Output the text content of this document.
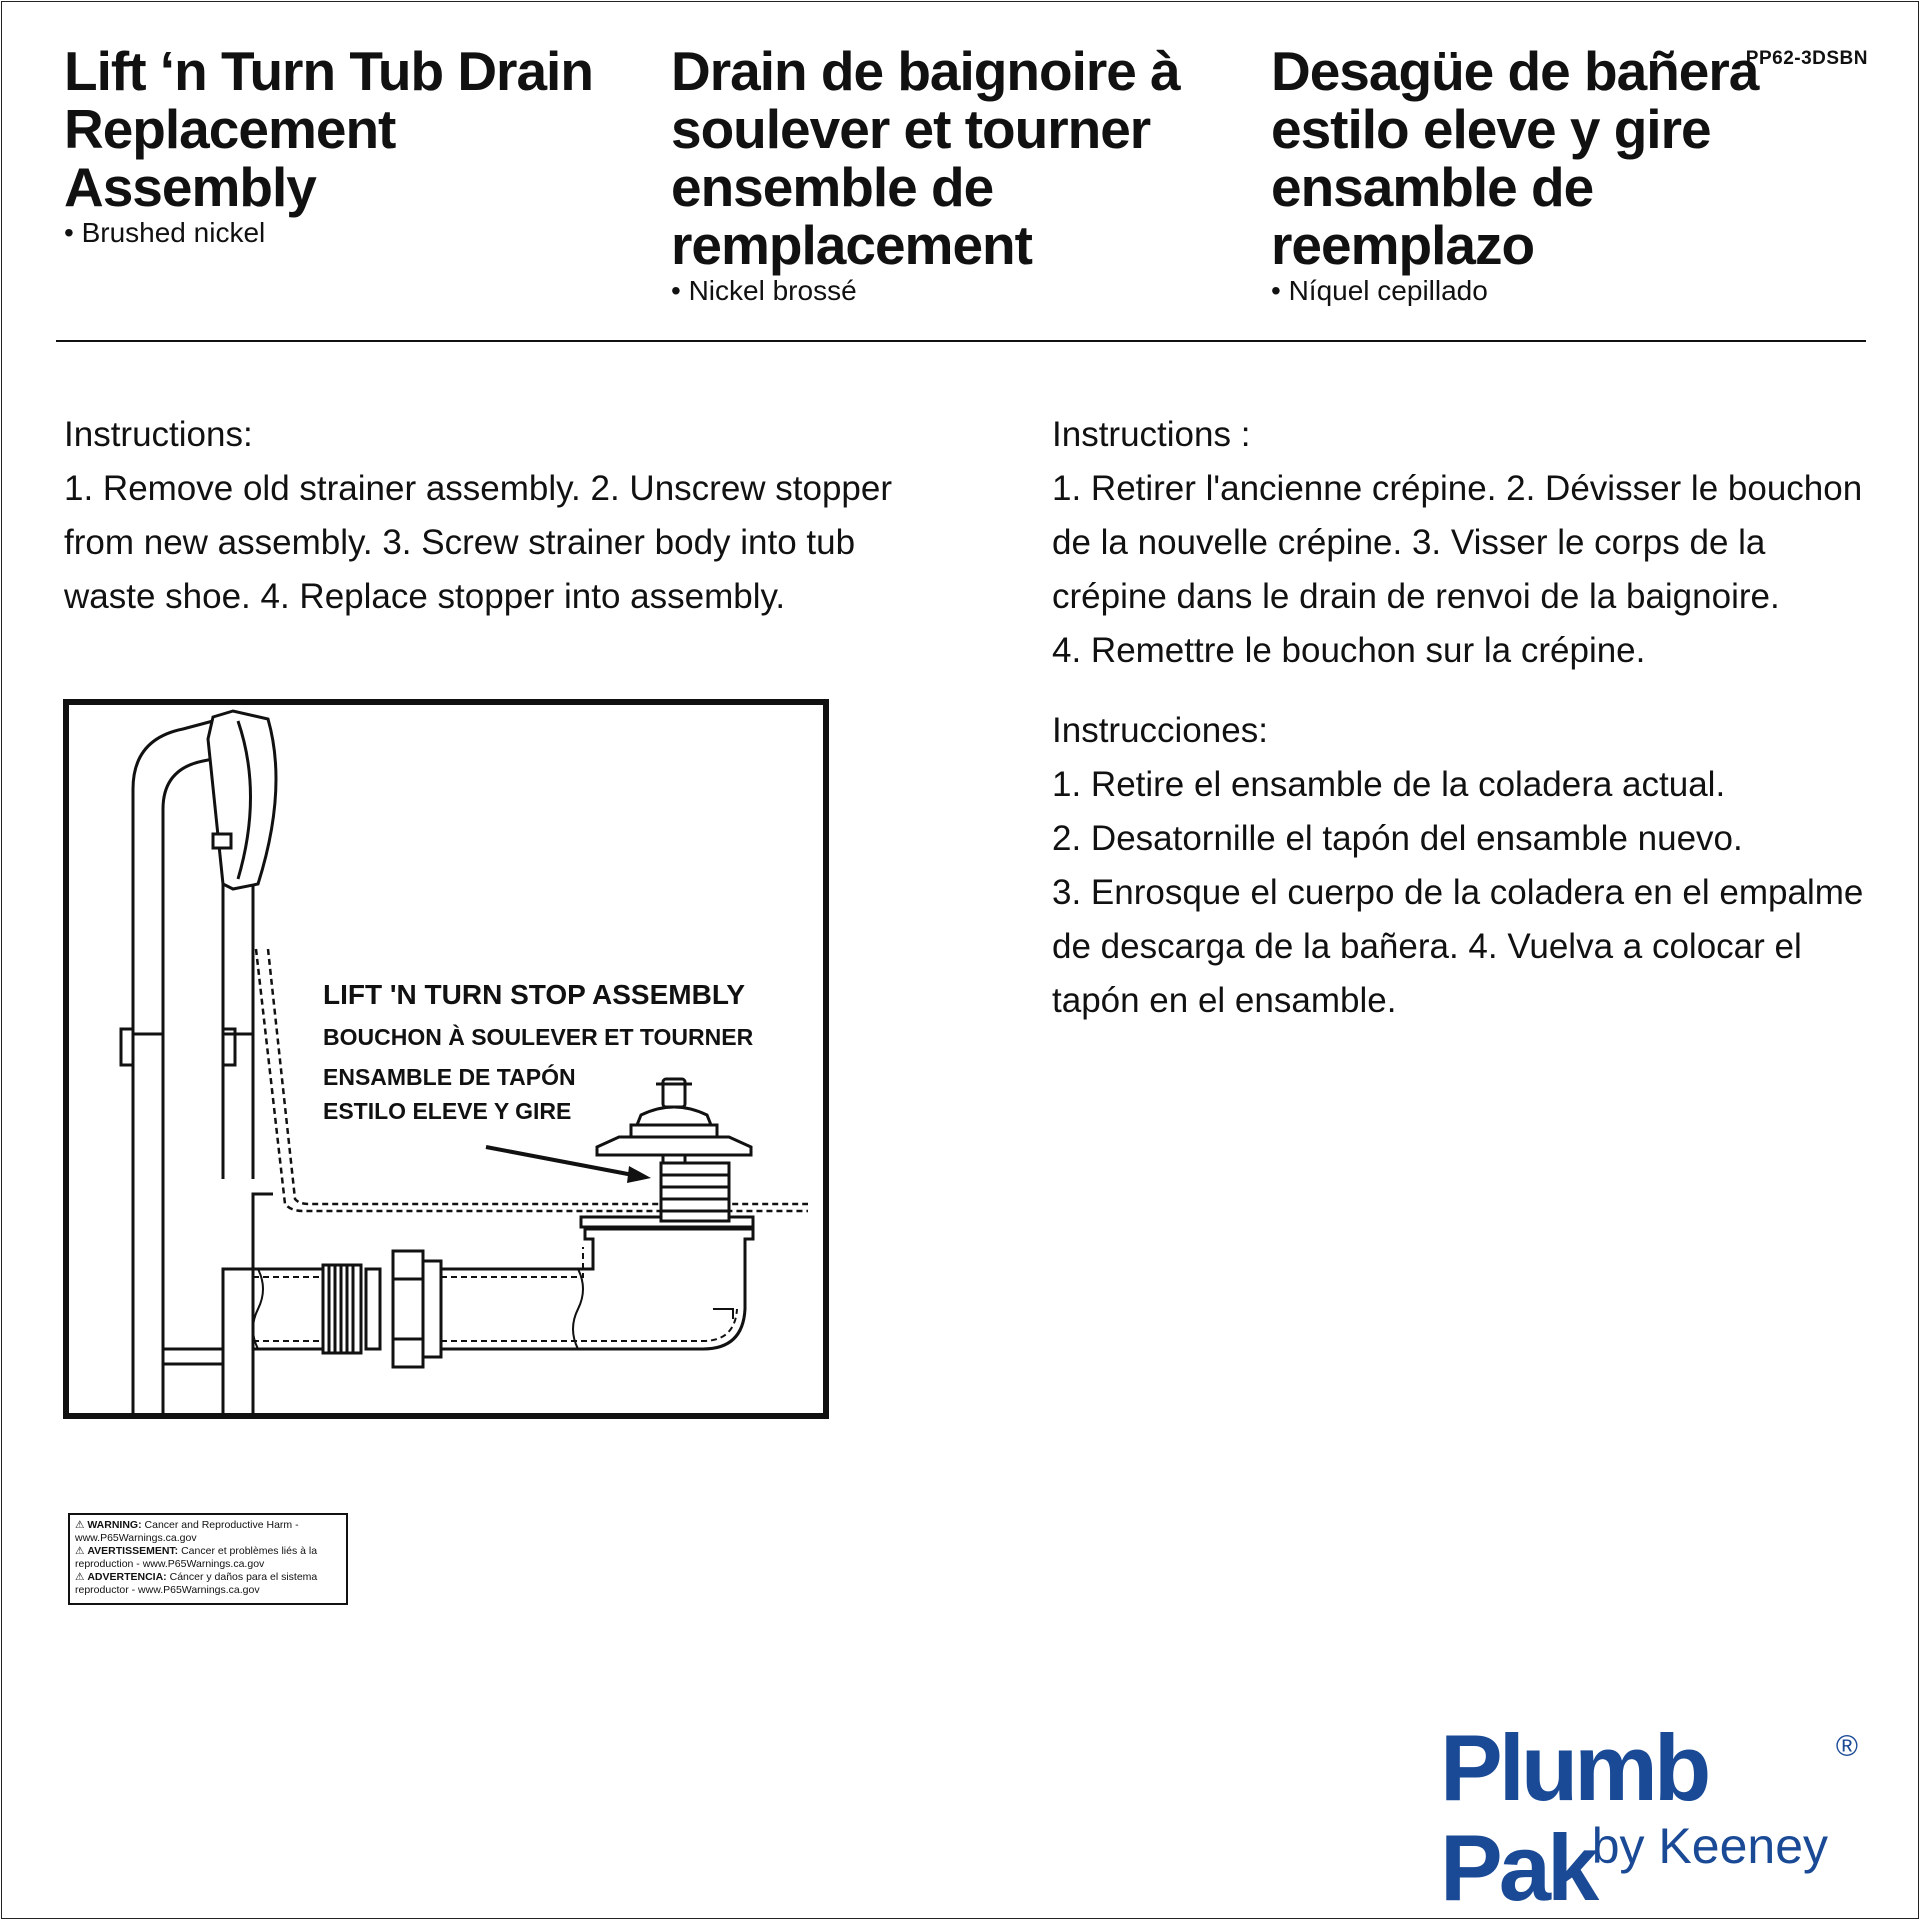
PP62-3DSBN
Lift ‘n Turn Tub Drain Replacement Assembly
• Brushed nickel
Drain de baignoire à soulever et tourner ensemble de remplacement
• Nickel brossé
Desagüe de bañera estilo eleve y gire ensamble de reemplazo
• Níquel cepillado

Instructions:

1. Remove old strainer assembly. 2. Unscrew stopper from new assembly. 3. Screw strainer body into tub waste shoe. 4. Replace stopper into assembly.

Instructions :

1. Retirer l'ancienne crépine. 2. Dévisser le bouchon de la nouvelle crépine. 3. Visser le corps de la crépine dans le drain de renvoi de la baignoire.

4. Remettre le bouchon sur la crépine.

Instrucciones:

1. Retire el ensamble de la coladera actual.

2. Desatornille el tapón del ensamble nuevo.

3. Enrosque el cuerpo de la coladera en el empalme de descarga de la bañera. 4. Vuelva a colocar el tapón en el ensamble.

LIFT 'N TURN STOP ASSEMBLY
BOUCHON À SOULEVER ET TOURNER
ENSAMBLE DE TAPÓN
ESTILO ELEVE Y GIRE
⚠ WARNING: Cancer and Reproductive Harm - www.P65Warnings.ca.gov
⚠ AVERTISSEMENT: Cancer et problèmes liés à la reproduction - www.P65Warnings.ca.gov
⚠ ADVERTENCIA: Cáncer y daños para el sistema reproductor - www.P65Warnings.ca.gov
Plumb Pak
®
by Keeney
